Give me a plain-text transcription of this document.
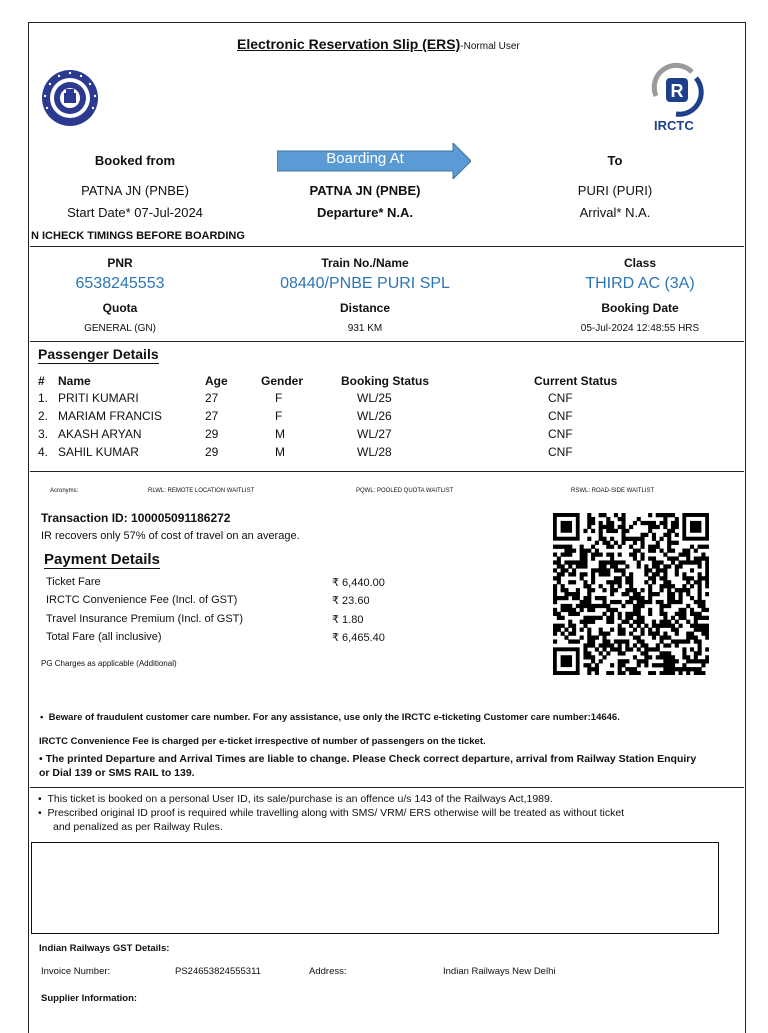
Electronic Reservation Slip (ERS)-Normal User
R
IRCTC
Booked from	Boarding At	To
PATNA JN (PNBE)	PATNA JN (PNBE)	PURI (PURI)
Start Date* 07-Jul-2024	Departure* N.A.	Arrival* N.A.
N ICHECK TIMINGS BEFORE BOARDING
PNR	Train No./Name	Class
6538245553	08440/PNBE PURI SPL	THIRD AC (3A)
Quota	Distance	Booking Date
GENERAL (GN)	931 KM	05-Jul-2024 12:48:55 HRS
Passenger Details
#	Name	Age	Gender	Booking Status	Current Status
1.	PRITI KUMARI	27	F	WL/25	CNF
2.	MARIAM FRANCIS	27	F	WL/26	CNF
3.	AKASH ARYAN	29	M	WL/27	CNF
4.	SAHIL KUMAR	29	M	WL/28	CNF
Acronyms:	RLWL: REMOTE LOCATION WAITLIST	PQWL: POOLED QUOTA WAITLIST	RSWL: ROAD-SIDE WAITLIST
Transaction ID: 100005091186272
IR recovers only 57% of cost of travel on an average.
Payment Details
Ticket Fare	₹ 6,440.00
IRCTC Convenience Fee (Incl. of GST)	₹ 23.60
Travel Insurance Premium (Incl. of GST)	₹ 1.80
Total Fare (all inclusive)	₹ 6,465.40
PG Charges as applicable (Additional)
•  Beware of fraudulent customer care number. For any assistance, use only the IRCTC e-ticketing Customer care number:14646.
IRCTC Convenience Fee is charged per e-ticket irrespective of number of passengers on the ticket.
• The printed Departure and Arrival Times are liable to change. Please Check correct departure, arrival from Railway Station Enquiry
or Dial 139 or SMS RAIL to 139.
•  This ticket is booked on a personal User ID, its sale/purchase is an offence u/s 143 of the Railways Act,1989.
•  Prescribed original ID proof is required while travelling along with SMS/ VRM/ ERS otherwise will be treated as without ticket
and penalized as per Railway Rules.
Indian Railways GST Details:
Invoice Number:	PS24653824555311	Address:	Indian Railways New Delhi
Supplier Information:
